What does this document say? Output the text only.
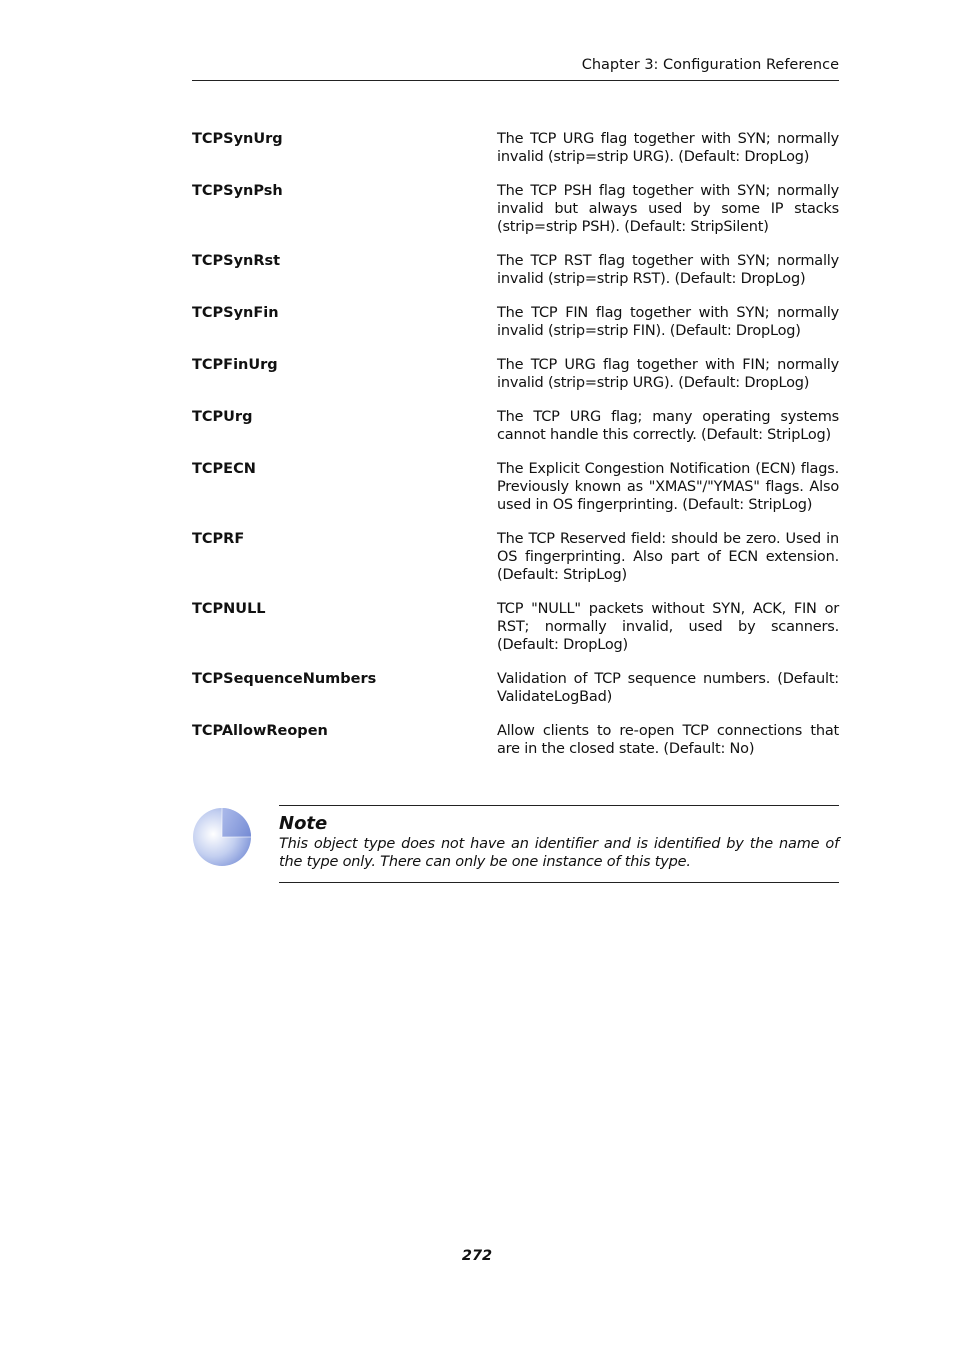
Chapter 3: Configuration Reference
TCPSynUrg	The TCP URG flag together with SYN; normally invalid (strip=strip URG). (Default: DropLog)
TCPSynPsh	The TCP PSH flag together with SYN; normally invalid but always used by some IP stacks (strip=strip PSH). (Default: StripSilent)
TCPSynRst	The TCP RST flag together with SYN; normally invalid (strip=strip RST). (Default: DropLog)
TCPSynFin	The TCP FIN flag together with SYN; normally invalid (strip=strip FIN). (Default: DropLog)
TCPFinUrg	The TCP URG flag together with FIN; normally invalid (strip=strip URG). (Default: DropLog)
TCPUrg	The TCP URG flag; many operating systems cannot handle this correctly. (Default: StripLog)
TCPECN	The Explicit Congestion Notification (ECN) flags. Previously known as "XMAS"/"YMAS" flags. Also used in OS fingerprinting. (Default: StripLog)
TCPRF	The TCP Reserved field: should be zero. Used in OS fingerprinting. Also part of ECN extension. (Default: StripLog)
TCPNULL	TCP "NULL" packets without SYN, ACK, FIN or RST; normally invalid, used by scanners. (Default: DropLog)
TCPSequenceNumbers	Validation of TCP sequence numbers. (Default: ValidateLogBad)
TCPAllowReopen	Allow clients to re-open TCP connections that are in the closed state. (Default: No)
Note
This object type does not have an identifier and is identified by the name of the type only. There can only be one instance of this type.
272
